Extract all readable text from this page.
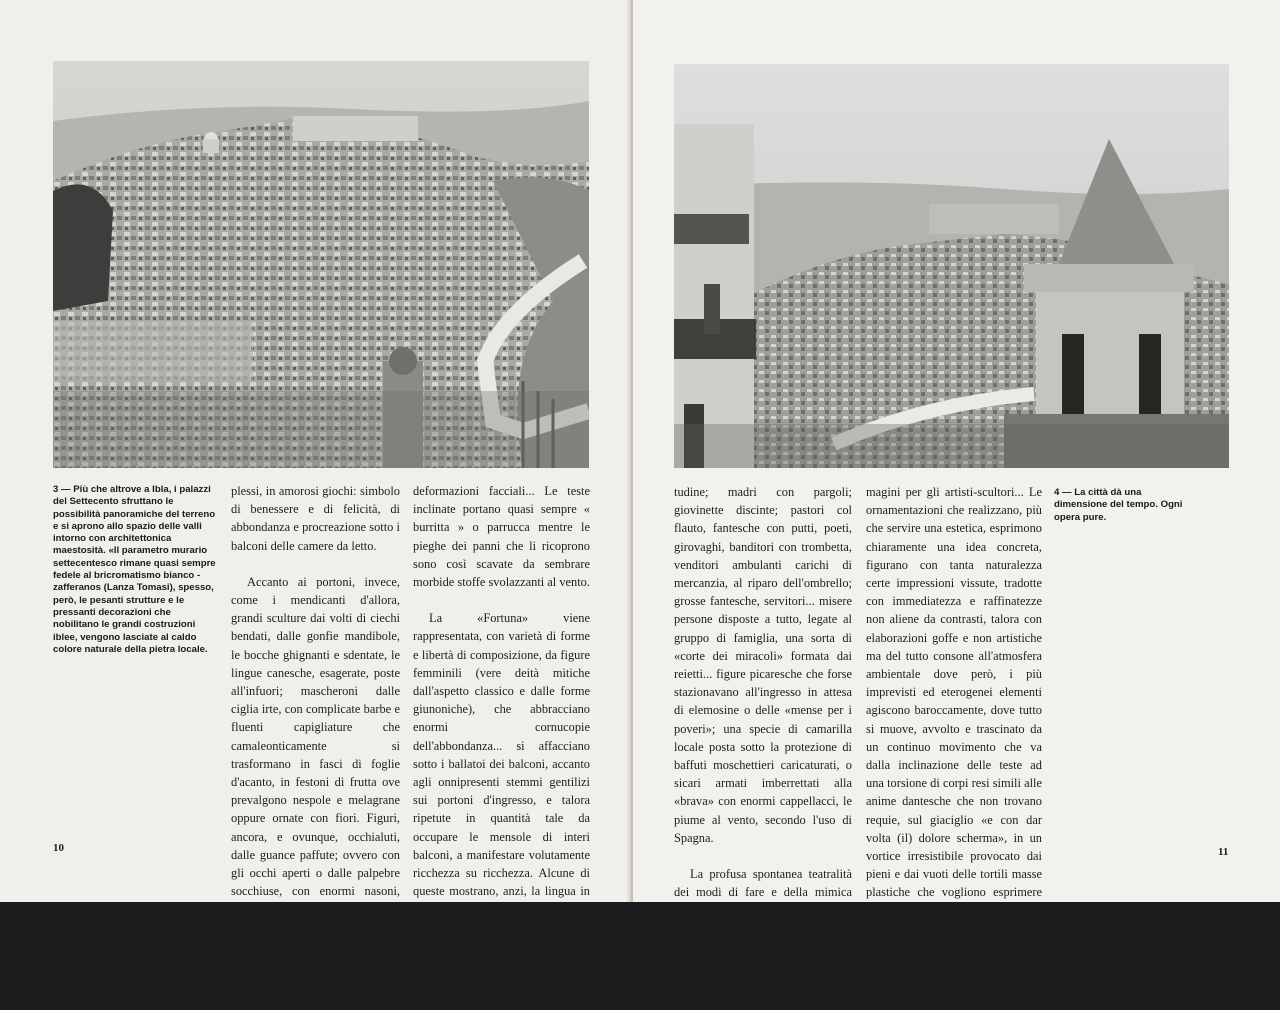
3 — Più che altrove a Ibla, i palazzi del Settecento sfruttano le possibilità panoramiche del terreno e si aprono allo spazio delle valli intorno con architettonica maestosità. «Il parametro murario settecentesco rimane quasi sempre fedele al bricromatismo bianco - zafferanos (Lanza Tomasi), spesso, però, le pesanti strutture e le pressanti decorazioni che nobilitano le grandi costruzioni iblee, vengono lasciate al caldo colore naturale della pietra locale.

plessi, in amorosi giochi: simbolo di benessere e di felicità, di abbondanza e procreazione sotto i balconi delle camere da letto.

Accanto ai portoni, invece, come i mendicanti d'allora, grandi sculture dai volti di ciechi bendati, dalle gonfie mandibole, le bocche ghignanti e sdentate, le lingue canesche, esagerate, poste all'infuori; mascheroni dalle ciglia irte, con complicate barbe e fluenti capigliature che camaleonticamente si trasformano in fasci di foglie d'acanto, in festoni di frutta ove prevalgono nespole e melagrane oppure ornate con fiori. Figuri, ancora, e ovunque, occhialuti, dalle guance paffute; ovvero con gli occhi aperti o dalle palpebre socchiuse, con enormi nasoni, spesso rappresentati col pesce in bocca, orrendamente scavati nella pietra in espressioni di sofferta ebbrezza, o tormentati da un improvviso dolore, o stupore in una stupenda gamma di

deformazioni facciali... Le teste inclinate portano quasi sempre « burritta » o parrucca mentre le pieghe dei panni che li ricoprono sono così scavate da sembrare morbide stoffe svolazzanti al vento.

La «Fortuna» viene rappresentata, con varietà di forme e libertà di composizione, da figure femminili (vere deità mitiche dall'aspetto classico e dalle forme giunoniche), che abbracciano enormi cornucopie dell'abbondanza... si affacciano sotto i ballatoi dei balconi, accanto agli onnipresenti stemmi gentilizi sui portoni d'ingresso, e talora ripetute in quantità tale da occupare le mensole di interi balconi, a manifestare volutamente ricchezza su ricchezza. Alcune di queste mostrano, anzi, la lingua in fuori, in segno di dispetto.

Altrove, figure pensose dagli occhi stanchi e dallo sguardo vuoto, eppure così carichi di disperata soli-

10

tudine; madri con pargoli; giovinette discinte; pastori col flauto, fantesche con putti, poeti, girovaghi, banditori con trombetta, venditori ambulanti carichi di mercanzia, al riparo dell'ombrello; grosse fantesche, servitori... misere persone disposte a tutto, legate al gruppo di famiglia, una sorta di «corte dei miracoli» formata dai reietti... figure picaresche che forse stazionavano all'ingresso in attesa di elemosine o delle «mense per i poveri»; una specie di camarilla locale posta sotto la protezione di baffuti moschettieri caricaturati, o sicari armati imberrettati alla «brava» con enormi cappellacci, le piume al vento, secondo l'uso di Spagna.

La profusa spontanea teatralità dei modi di fare e della mimica facciale, degli atteggiamenti e dei gesti consueti, e del gesticolare anche, di un popolo così estroverso rappresenta di certo un immenso vivaio di im-

magini per gli artisti-scultori... Le ornamentazioni che realizzano, più che servire una estetica, esprimono chiaramente una idea concreta, figurano con tanta naturalezza certe impressioni vissute, tradotte con immediatezza e raffinatezze non aliene da contrasti, talora con elaborazioni goffe e non artistiche ma del tutto consone all'atmosfera ambientale dove però, i più imprevisti ed eterogenei elementi agiscono baroccamente, dove tutto si muove, avvolto e trascinato da un continuo movimento che va dalla inclinazione delle teste ad una torsione di corpi resi simili alle anime dantesche che non trovano requie, sul giaciglio «e con dar volta (il) dolore scherma», in un vortice irresistibile provocato dai pieni e dai vuoti delle tortili masse plastiche che vogliono esprimere con tanta tumultuosa fantasticheria una iconografia del tutto popolare anche quando è resa quasi mitica, ma che

4 — La città dà una dimensione del tempo. Ogni opera pure.
11
